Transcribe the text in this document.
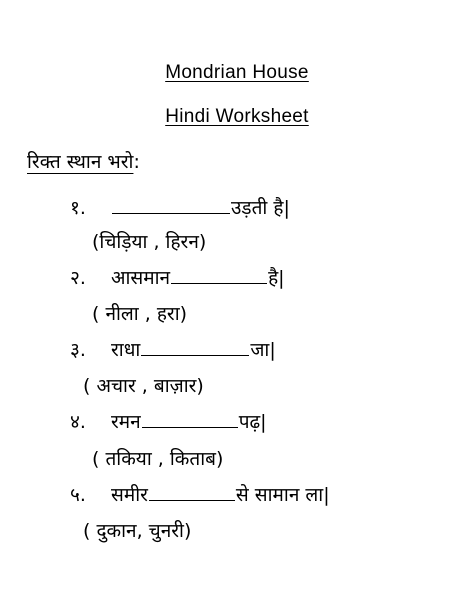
Mondrian House
Hindi Worksheet
रिक्त स्थान भरो:
१.	उड़ती है|
(चिड़िया , हिरन)
२.	आसमान	है|
( नीला , हरा)
३.	राधा	जा|
( अचार , बाज़ार)
४.	रमन	पढ़|
( तकिया , किताब)
५.	समीर	से सामान ला|
( दुकान, चुनरी)
